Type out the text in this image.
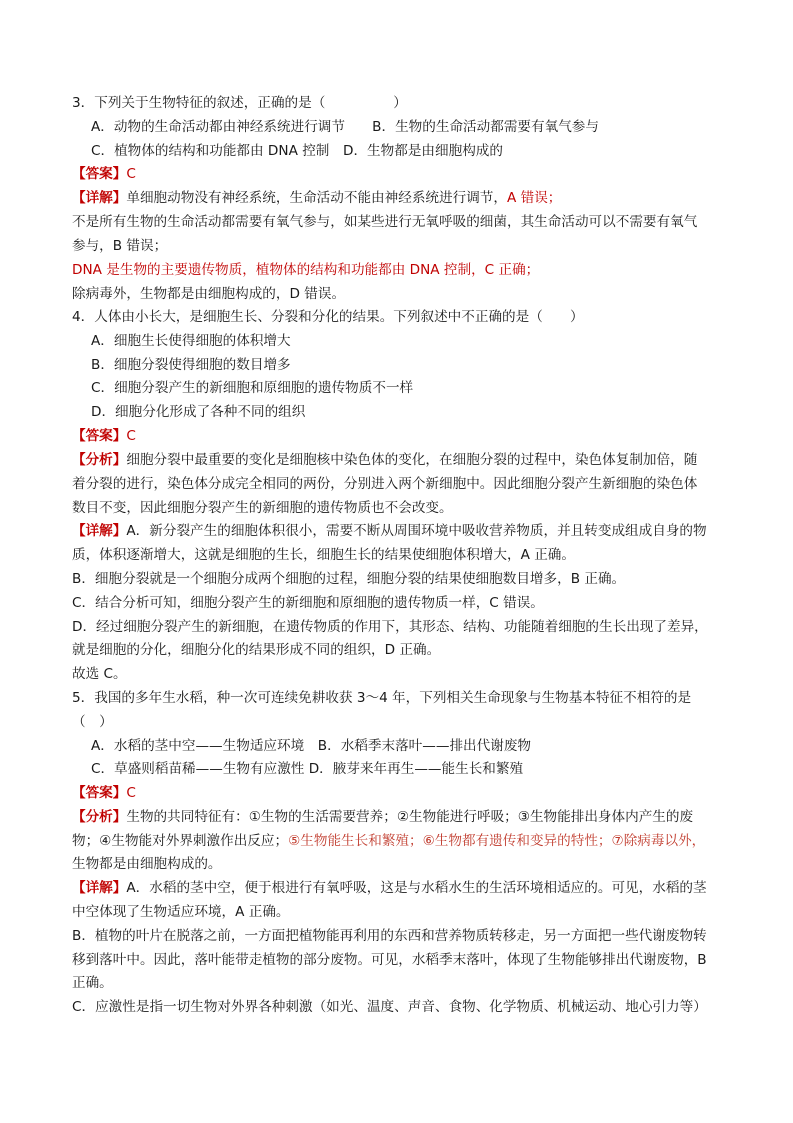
3．下列关于生物特征的叙述，正确的是（　　　　　）
A．动物的生命活动都由神经系统进行调节　　B．生物的生命活动都需要有氧气参与
C．植物体的结构和功能都由 DNA 控制　D．生物都是由细胞构成的
【答案】C
【详解】单细胞动物没有神经系统，生命活动不能由神经系统进行调节，A 错误；
不是所有生物的生命活动都需要有氧气参与，如某些进行无氧呼吸的细菌，其生命活动可以不需要有氧气
参与，B 错误；
DNA 是生物的主要遗传物质，植物体的结构和功能都由 DNA 控制，C 正确；
除病毒外，生物都是由细胞构成的，D 错误。
4．人体由小长大，是细胞生长、分裂和分化的结果。下列叙述中不正确的是（　　）
A．细胞生长使得细胞的体积增大
B．细胞分裂使得细胞的数目增多
C．细胞分裂产生的新细胞和原细胞的遗传物质不一样
D．细胞分化形成了各种不同的组织
【答案】C
【分析】细胞分裂中最重要的变化是细胞核中染色体的变化，在细胞分裂的过程中，染色体复制加倍，随
着分裂的进行，染色体分成完全相同的两份，分别进入两个新细胞中。因此细胞分裂产生新细胞的染色体
数目不变，因此细胞分裂产生的新细胞的遗传物质也不会改变。
【详解】A．新分裂产生的细胞体积很小，需要不断从周围环境中吸收营养物质，并且转变成组成自身的物
质，体积逐渐增大，这就是细胞的生长，细胞生长的结果使细胞体积增大，A 正确。
B．细胞分裂就是一个细胞分成两个细胞的过程，细胞分裂的结果使细胞数目增多，B 正确。
C．结合分析可知，细胞分裂产生的新细胞和原细胞的遗传物质一样，C 错误。
D．经过细胞分裂产生的新细胞，在遗传物质的作用下，其形态、结构、功能随着细胞的生长出现了差异，
就是细胞的分化，细胞分化的结果形成不同的组织，D 正确。
故选 C。
5．我国的多年生水稻，种一次可连续免耕收获 3～4 年，下列相关生命现象与生物基本特征不相符的是
（　）
A．水稻的茎中空——生物适应环境　B．水稻季末落叶——排出代谢废物
C．草盛则稻苗稀——生物有应激性 D．腋芽来年再生——能生长和繁殖
【答案】C
【分析】生物的共同特征有：①生物的生活需要营养；②生物能进行呼吸；③生物能排出身体内产生的废
物；④生物能对外界刺激作出反应；⑤生物能生长和繁殖；⑥生物都有遗传和变异的特性；⑦除病毒以外，
生物都是由细胞构成的。
【详解】A．水稻的茎中空，便于根进行有氧呼吸，这是与水稻水生的生活环境相适应的。可见，水稻的茎
中空体现了生物适应环境，A 正确。
B．植物的叶片在脱落之前，一方面把植物能再利用的东西和营养物质转移走，另一方面把一些代谢废物转
移到落叶中。因此，落叶能带走植物的部分废物。可见，水稻季末落叶，体现了生物能够排出代谢废物，B
正确。
C．应激性是指一切生物对外界各种刺激（如光、温度、声音、食物、化学物质、机械运动、地心引力等）
